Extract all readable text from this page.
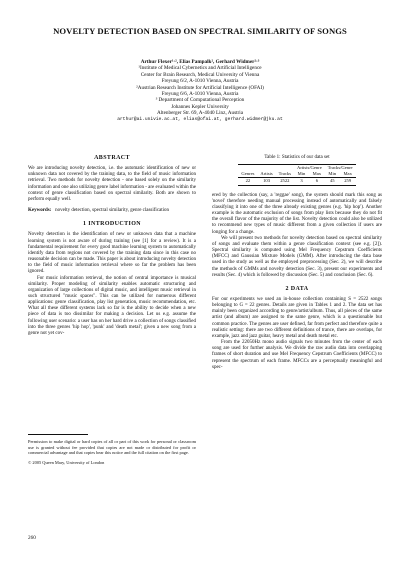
NOVELTY DETECTION BASED ON SPECTRAL SIMILARITY OF SONGS
Arthur Flexer¹·², Elias Pampalk², Gerhard Widmer²·³
¹Institute of Medical Cybernetics and Artificial Intelligence
Center for Brain Research, Medical University of Vienna
Freyung 6/2, A-1010 Vienna, Austria
²Austrian Research Institute for Artificial Intelligence (OFAI)
Freyung 6/6, A-1010 Vienna, Austria
³ Department of Computational Perception
Johannes Kepler University
Altenberger Str. 69, A-4040 Linz, Austria
arthur@ai.univie.ac.at, elias@ofai.at, gerhard.widmer@jku.at
ABSTRACT

We are introducing novelty detection, i.e. the automatic identification of new or unknown data not covered by the training data, to the field of music information retrieval. Two methods for novelty detection - one based solely on the similarity information and one also utilizing genre label information - are evaluated within the context of genre classification based on spectral similarity. Both are shown to perform equally well.

Keywords: novelty detection, spectral similarity, genre classification

1 INTRODUCTION

Novelty detection is the identification of new or unknown data that a machine learning system is not aware of during training (see [1] for a review). It is a fundamental requirement for every good machine learning system to automatically identify data from regions not covered by the training data since in this case no reasonable decision can be made. This paper is about introducing novelty detection to the field of music information retrieval where so far the problem has been ignored.

For music information retrieval, the notion of central importance is musical similarity. Proper modeling of similarity enables automatic structuring and organization of large collections of digital music, and intelligent music retrieval in such structured "music spaces". This can be utilized for numerous different applications: genre classification, play list generation, music recommendation, etc. What all these different systems lack so far is the ability to decide when a new piece of data is too dissimilar for making a decision. Let us e.g. assume the following user scenario: a user has on her hard drive a collection of songs classified into the three genres 'hip hop', 'punk' and 'death metal'; given a new song from a genre not yet cov-

Permission to make digital or hard copies of all or part of this work for personal or classroom use is granted without fee provided that copies are not made or distributed for profit or commercial advantage and that copies bear this notice and the full citation on the first page.

© 2005 Queen Mary, University of London

260
Table 1: Statistics of our data set
			Artists/Genre		Tracks/Genre	
Genres	Artists	Tracks	Min	Max	Min	Max
22	103	2522	3	6	45	259

ered by the collection (say, a 'reggae' song), the system should mark this song as 'novel' therefore needing manual processing instead of automatically and falsely classifying it into one of the three already existing genres (e.g. 'hip hop'). Another example is the automatic exclusion of songs from play lists because they do not fit the overall flavor of the majority of the list. Novelty detection could also be utilized to recommend new types of music different from a given collection if users are longing for a change.

We will present two methods for novelty detection based on spectral similarity of songs and evaluate them within a genre classification context (see e.g. [2]). Spectral similarity is computed using Mel Frequency Cepstrum Coefficients (MFCC) and Gaussian Mixture Models (GMM). After introducing the data base used in the study as well as the employed preprocessing (Sec. 2), we will describe the methods of GMMs and novelty detection (Sec. 3), present our experiments and results (Sec. 4) which is followed by discussion (Sec. 5) and conclusion (Sec. 6).

2 DATA

For our experiments we used an in-house collection containing S = 2522 songs belonging to G = 22 genres. Details are given in Tables 1 and 2. The data set has mainly been organized according to genre/artist/album. Thus, all pieces of the same artist (and album) are assigned to the same genre, which is a questionable but common practice. The genres are user defined, far from perfect and therefore quite a realistic setting: there are two different definitions of trance, there are overlaps, for example, jazz and jazz guitar, heavy metal and death metal etc.

From the 22050Hz mono audio signals two minutes from the center of each song are used for further analysis. We divide the raw audio data into overlapping frames of short duration and use Mel Frequency Cepstrum Coefficients (MFCC) to represent the spectrum of each frame. MFCCs are a perceptually meaningful and spec-
